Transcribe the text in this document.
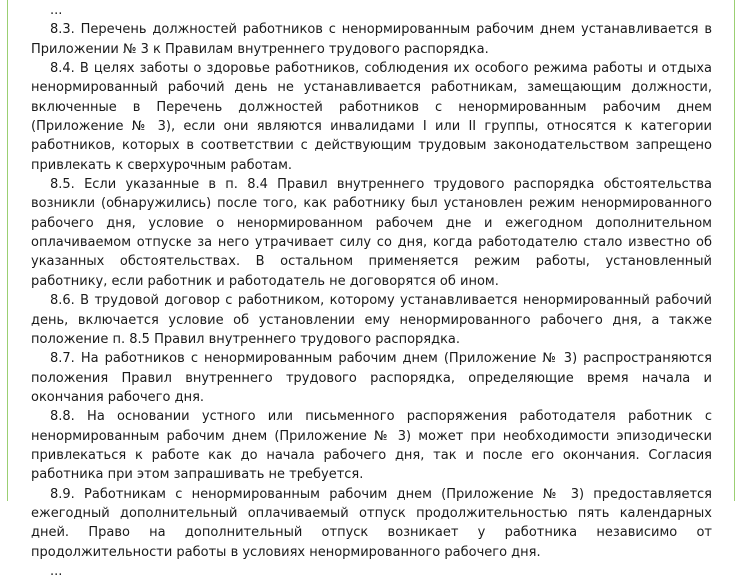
...

8.3. Перечень должностей работников с ненормированным рабочим днем устанавливается в Приложении № 3 к Правилам внутреннего трудового распорядка.

8.4. В целях заботы о здоровье работников, соблюдения их особого режима работы и отдыха ненормированный рабочий день не устанавливается работникам, замещающим должности, включенные в Перечень должностей работников с ненормированным рабочим днем (Приложение № 3), если они являются инвалидами I или II группы, относятся к категории работников, которых в соответствии с действующим трудовым законодательством запрещено привлекать к сверхурочным работам.

8.5. Если указанные в п. 8.4 Правил внутреннего трудового распорядка обстоятельства возникли (обнаружились) после того, как работнику был установлен режим ненормированного рабочего дня, условие о ненормированном рабочем дне и ежегодном дополнительном оплачиваемом отпуске за него утрачивает силу со дня, когда работодателю стало известно об указанных обстоятельствах. В остальном применяется режим работы, установленный работнику, если работник и работодатель не договорятся об ином.

8.6. В трудовой договор с работником, которому устанавливается ненормированный рабочий день, включается условие об установлении ему ненормированного рабочего дня, а также положение п. 8.5 Правил внутреннего трудового распорядка.

8.7. На работников с ненормированным рабочим днем (Приложение № 3) распространяются положения Правил внутреннего трудового распорядка, определяющие время начала и окончания рабочего дня.

8.8. На основании устного или письменного распоряжения работодателя работник с ненормированным рабочим днем (Приложение № 3) может при необходимости эпизодически привлекаться к работе как до начала рабочего дня, так и после его окончания. Согласия работника при этом запрашивать не требуется.

8.9. Работникам с ненормированным рабочим днем (Приложение № 3) предоставляется ежегодный дополнительный оплачиваемый отпуск продолжительностью пять календарных дней. Право на дополнительный отпуск возникает у работника независимо от продолжительности работы в условиях ненормированного рабочего дня.

...
